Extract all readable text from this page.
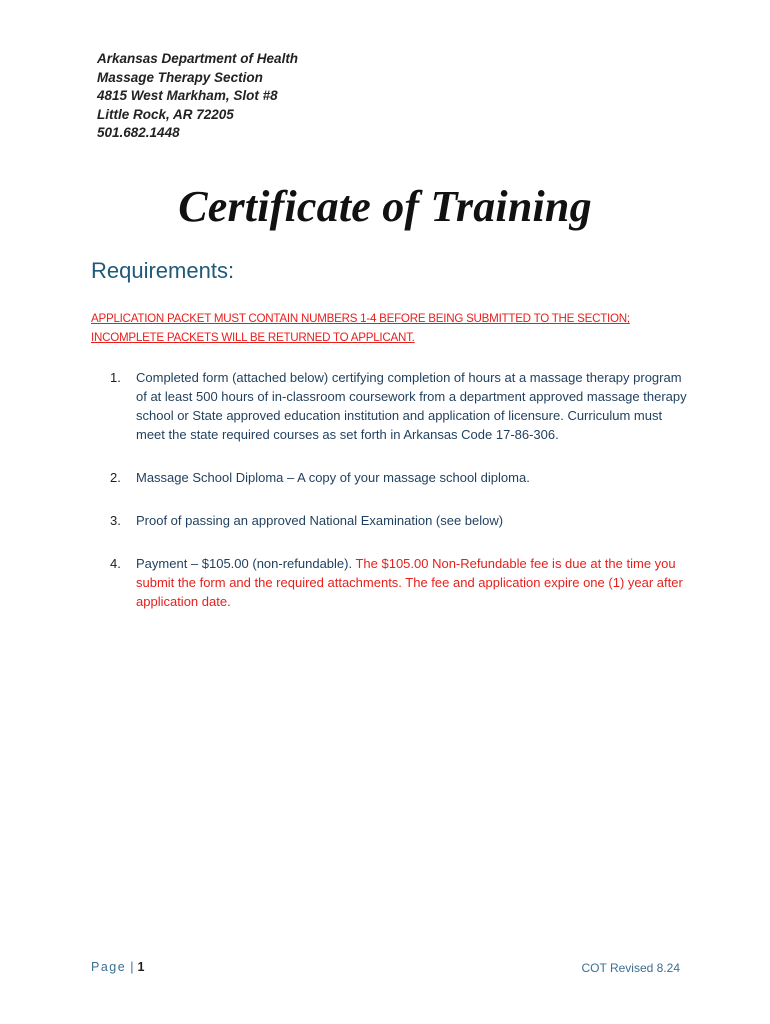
Arkansas Department of Health
Massage Therapy Section
4815 West Markham, Slot #8
Little Rock, AR 72205
501.682.1448
Certificate of Training
Requirements:
APPLICATION PACKET MUST CONTAIN NUMBERS 1-4 BEFORE BEING SUBMITTED TO THE SECTION;
INCOMPLETE PACKETS WILL BE RETURNED TO APPLICANT.
1. Completed form (attached below) certifying completion of hours at a massage therapy program of at least 500 hours of in-classroom coursework from a department approved massage therapy school or State approved education institution and application of licensure. Curriculum must meet the state required courses as set forth in Arkansas Code 17-86-306.
2. Massage School Diploma – A copy of your massage school diploma.
3. Proof of passing an approved National Examination (see below)
4. Payment – $105.00 (non-refundable). The $105.00 Non-Refundable fee is due at the time you submit the form and the required attachments. The fee and application expire one (1) year after application date.
Page | 1	COT Revised 8.24
